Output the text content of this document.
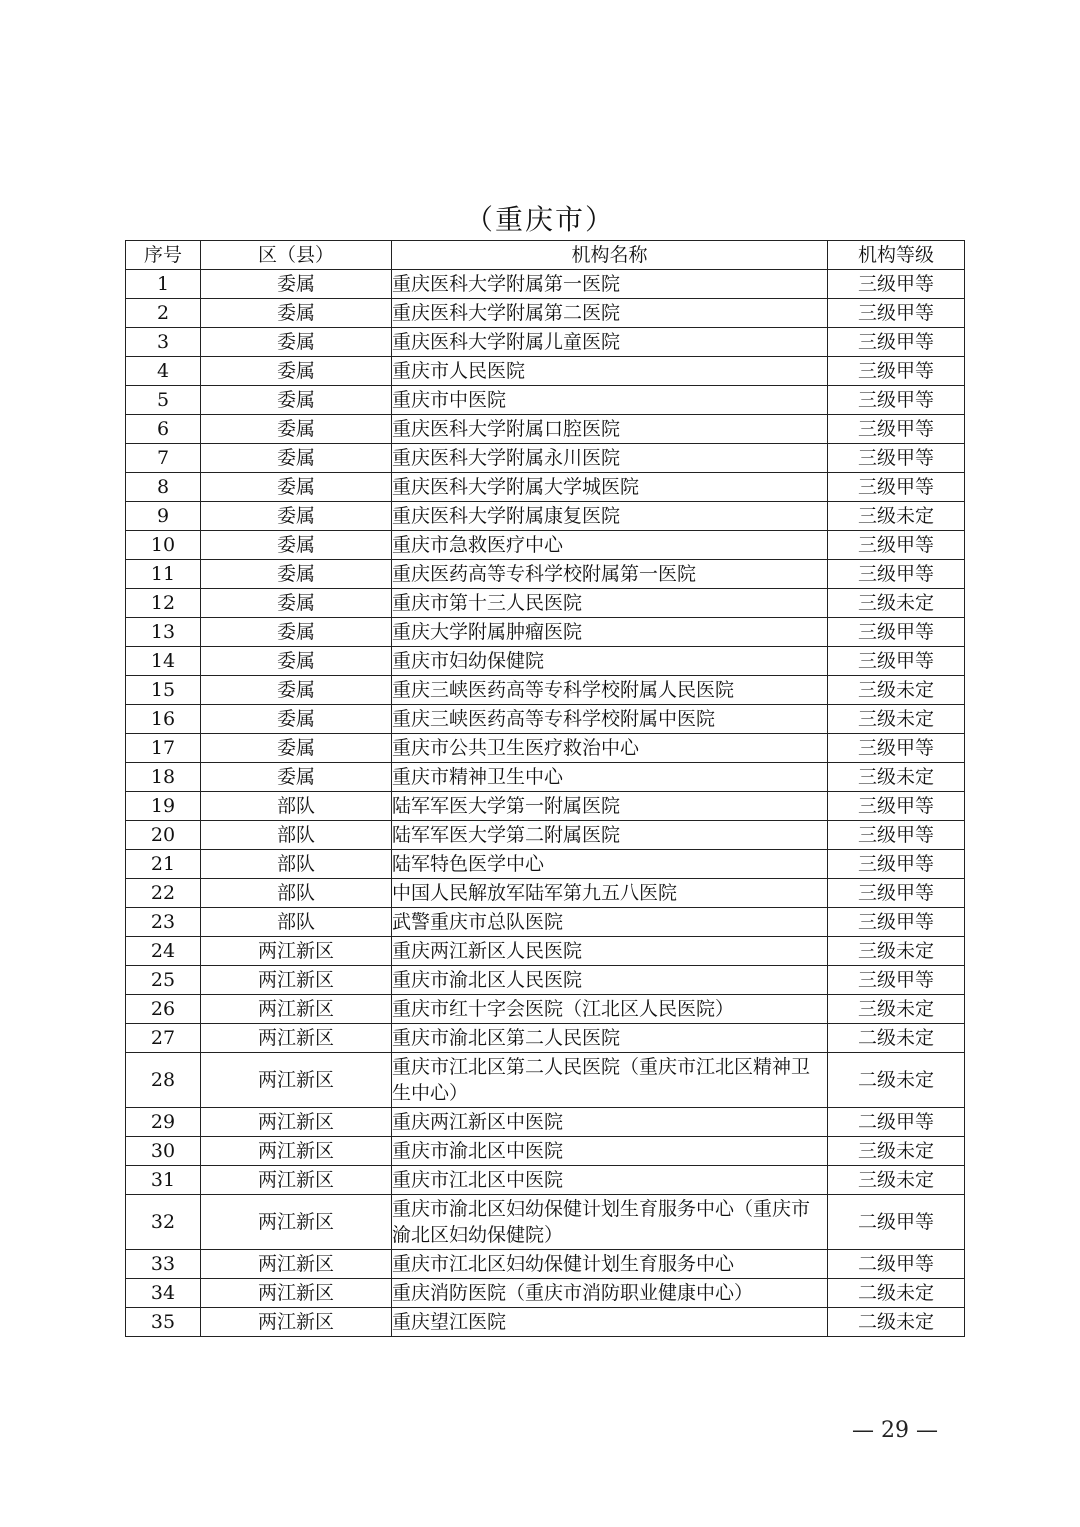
（重庆市）
序号	区（县）	机构名称	机构等级
1	委属	重庆医科大学附属第一医院	三级甲等
2	委属	重庆医科大学附属第二医院	三级甲等
3	委属	重庆医科大学附属儿童医院	三级甲等
4	委属	重庆市人民医院	三级甲等
5	委属	重庆市中医院	三级甲等
6	委属	重庆医科大学附属口腔医院	三级甲等
7	委属	重庆医科大学附属永川医院	三级甲等
8	委属	重庆医科大学附属大学城医院	三级甲等
9	委属	重庆医科大学附属康复医院	三级未定
10	委属	重庆市急救医疗中心	三级甲等
11	委属	重庆医药高等专科学校附属第一医院	三级甲等
12	委属	重庆市第十三人民医院	三级未定
13	委属	重庆大学附属肿瘤医院	三级甲等
14	委属	重庆市妇幼保健院	三级甲等
15	委属	重庆三峡医药高等专科学校附属人民医院	三级未定
16	委属	重庆三峡医药高等专科学校附属中医院	三级未定
17	委属	重庆市公共卫生医疗救治中心	三级甲等
18	委属	重庆市精神卫生中心	三级未定
19	部队	陆军军医大学第一附属医院	三级甲等
20	部队	陆军军医大学第二附属医院	三级甲等
21	部队	陆军特色医学中心	三级甲等
22	部队	中国人民解放军陆军第九五八医院	三级甲等
23	部队	武警重庆市总队医院	三级甲等
24	两江新区	重庆两江新区人民医院	三级未定
25	两江新区	重庆市渝北区人民医院	三级甲等
26	两江新区	重庆市红十字会医院（江北区人民医院）	三级未定
27	两江新区	重庆市渝北区第二人民医院	二级未定
28	两江新区	重庆市江北区第二人民医院（重庆市江北区精神卫生中心）	二级未定
29	两江新区	重庆两江新区中医院	二级甲等
30	两江新区	重庆市渝北区中医院	三级未定
31	两江新区	重庆市江北区中医院	三级未定
32	两江新区	重庆市渝北区妇幼保健计划生育服务中心（重庆市渝北区妇幼保健院）	二级甲等
33	两江新区	重庆市江北区妇幼保健计划生育服务中心	二级甲等
34	两江新区	重庆消防医院（重庆市消防职业健康中心）	二级未定
35	两江新区	重庆望江医院	二级未定
— 29 —
